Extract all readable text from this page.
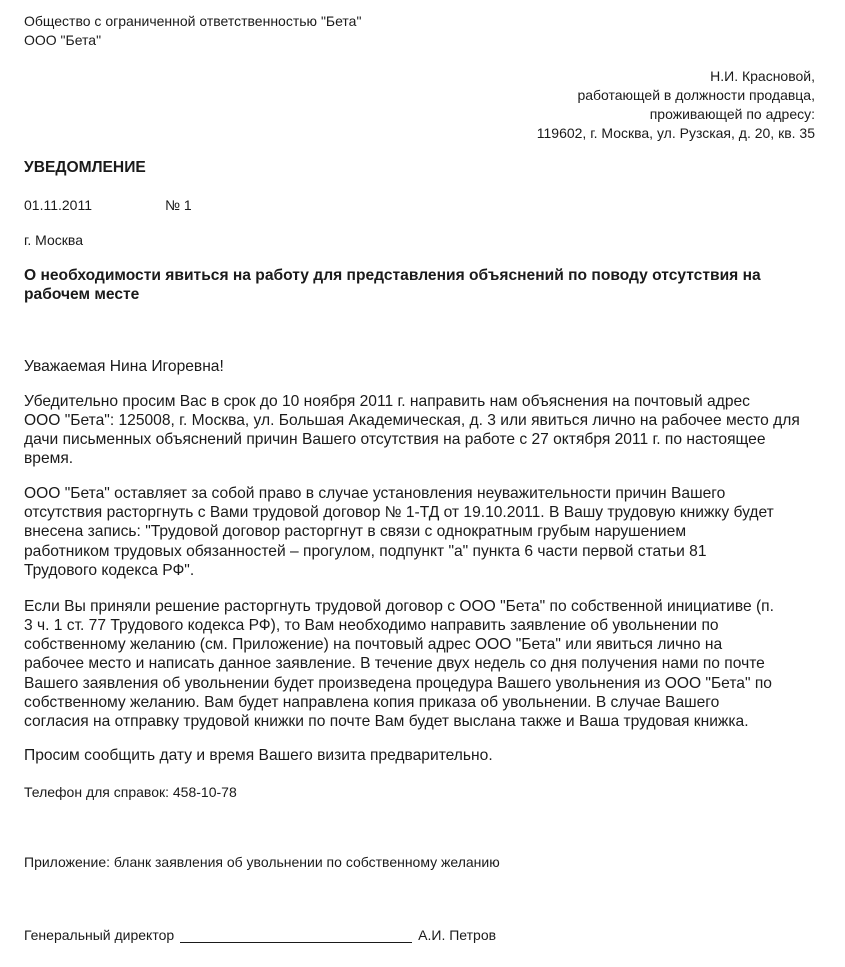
Общество с ограниченной ответственностью "Бета"
ООО "Бета"
Н.И. Красновой,
работающей в должности продавца,
проживающей по адресу:
119602, г. Москва, ул. Рузская, д. 20, кв. 35
УВЕДОМЛЕНИЕ
01.11.2011	№ 1
г. Москва
О необходимости явиться на работу для представления объяснений по поводу отсутствия на
рабочем месте
Уважаемая Нина Игоревна!
Убедительно просим Вас в срок до 10 ноября 2011 г. направить нам объяснения на почтовый адрес
ООО "Бета": 125008, г. Москва, ул. Большая Академическая, д. 3 или явиться лично на рабочее место для
дачи письменных объяснений причин Вашего отсутствия на работе с 27 октября 2011 г. по настоящее
время.
ООО "Бета" оставляет за собой право в случае установления неуважительности причин Вашего
отсутствия расторгнуть с Вами трудовой договор № 1-ТД от 19.10.2011. В Вашу трудовую книжку будет
внесена запись: "Трудовой договор расторгнут в связи с однократным грубым нарушением
работником трудовых обязанностей – прогулом, подпункт "а" пункта 6 части первой статьи 81
Трудового кодекса РФ".
Если Вы приняли решение расторгнуть трудовой договор с ООО "Бета" по собственной инициативе (п.
3 ч. 1 ст. 77 Трудового кодекса РФ), то Вам необходимо направить заявление об увольнении по
собственному желанию (см. Приложение) на почтовый адрес ООО "Бета" или явиться лично на
рабочее место и написать данное заявление. В течение двух недель со дня получения нами по почте
Вашего заявления об увольнении будет произведена процедура Вашего увольнения из ООО "Бета" по
собственному желанию. Вам будет направлена копия приказа об увольнении. В случае Вашего
согласия на отправку трудовой книжки по почте Вам будет выслана также и Ваша трудовая книжка.
Просим сообщить дату и время Вашего визита предварительно.
Телефон для справок: 458-10-78
Приложение: бланк заявления об увольнении по собственному желанию
Генеральный директор	А.И. Петров
